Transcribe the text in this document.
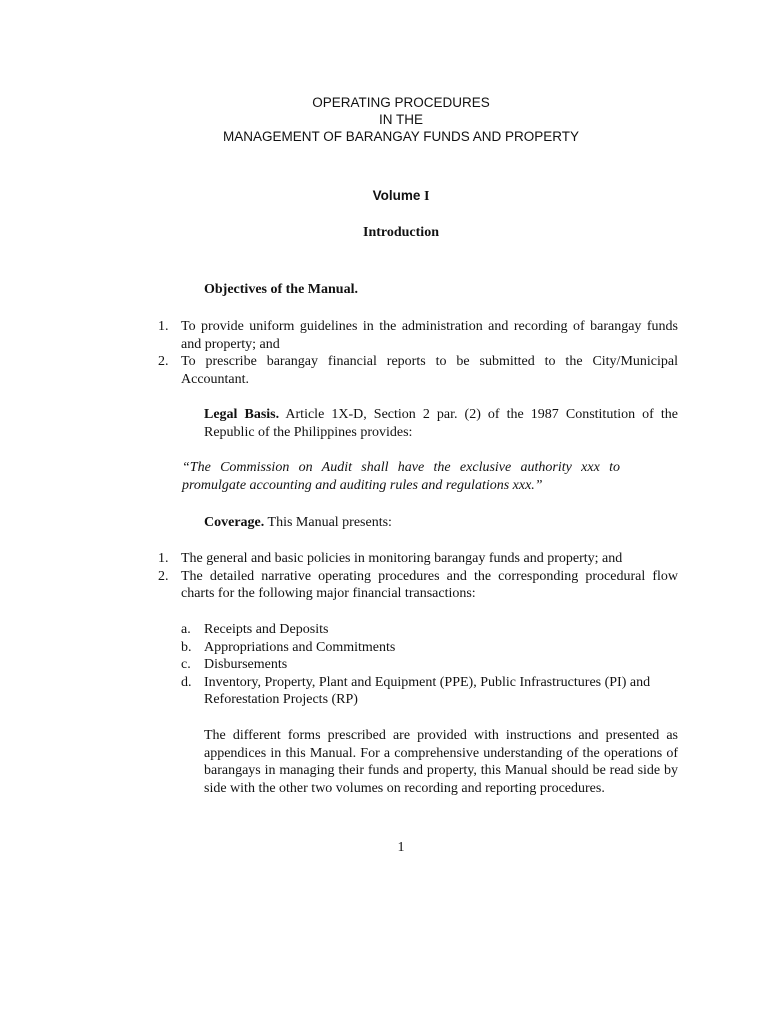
OPERATING PROCEDURES
IN THE
MANAGEMENT OF BARANGAY FUNDS AND PROPERTY
Volume I
Introduction
Objectives of the Manual.
1. To provide uniform guidelines in the administration and recording of barangay funds and property; and
2. To prescribe barangay financial reports to be submitted to the City/Municipal Accountant.
Legal Basis. Article 1X-D, Section 2 par. (2) of the 1987 Constitution of the Republic of the Philippines provides:
“The Commission on Audit shall have the exclusive authority xxx to promulgate accounting and auditing rules and regulations xxx.”
Coverage. This Manual presents:
1. The general and basic policies in monitoring barangay funds and property; and
2. The detailed narrative operating procedures and the corresponding procedural flow charts for the following major financial transactions:
a. Receipts and Deposits
b. Appropriations and Commitments
c. Disbursements
d. Inventory, Property, Plant and Equipment (PPE), Public Infrastructures (PI) and Reforestation Projects (RP)
The different forms prescribed are provided with instructions and presented as appendices in this Manual. For a comprehensive understanding of the operations of barangays in managing their funds and property, this Manual should be read side by side with the other two volumes on recording and reporting procedures.
1
